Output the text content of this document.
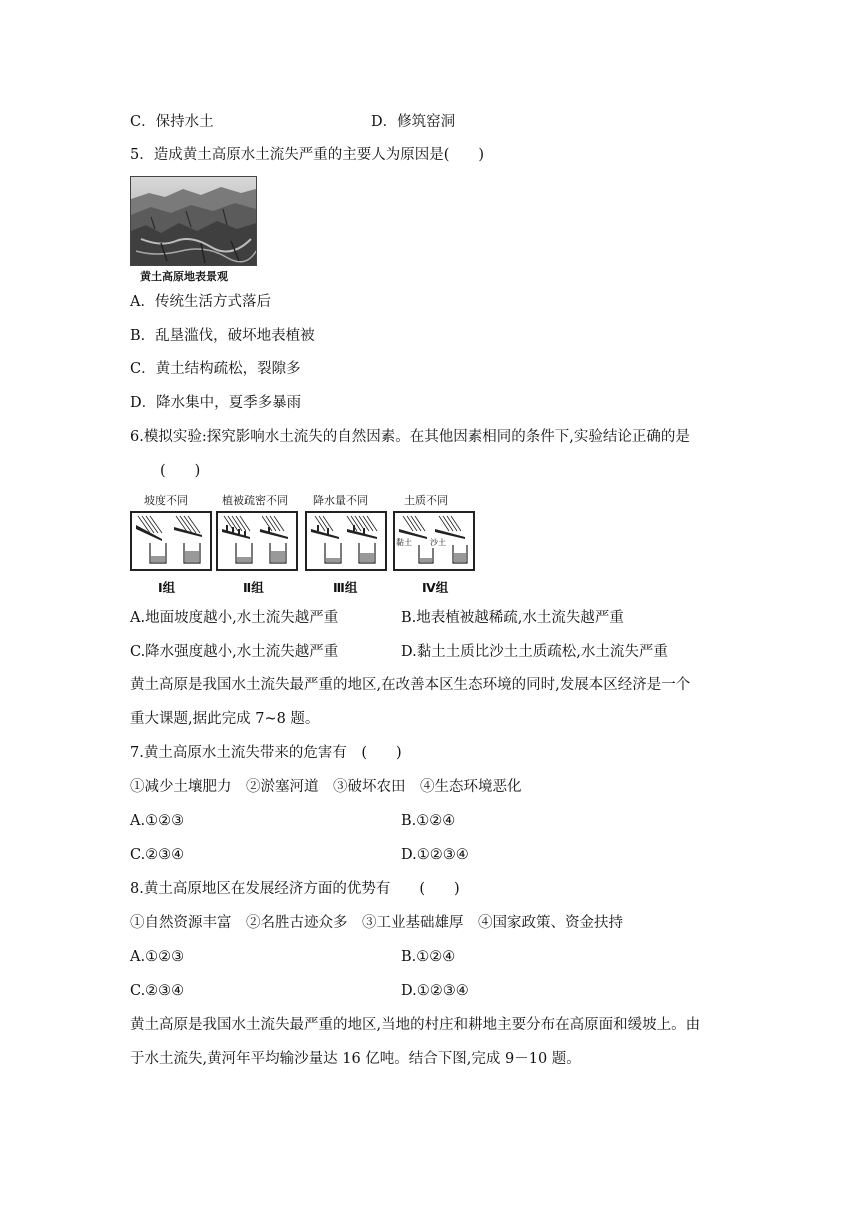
C．保持水土	D．修筑窑洞
5．造成黄土高原水土流失严重的主要人为原因是(　　)
黄土高原地表景观
A．传统生活方式落后
B．乱垦滥伐，破坏地表植被
C．黄土结构疏松，裂隙多
D．降水集中，夏季多暴雨
6.模拟实验:探究影响水土流失的自然因素。在其他因素相同的条件下,实验结论正确的是
(　　)
坡度不同
Ⅰ组
植被疏密不同
Ⅱ组
降水量不同
Ⅲ组
土质不同
黏土 沙土
Ⅳ组
A.地面坡度越小,水土流失越严重	B.地表植被越稀疏,水土流失越严重
C.降水强度越小,水土流失越严重	D.黏土土质比沙土土质疏松,水土流失严重
黄土高原是我国水土流失最严重的地区,在改善本区生态环境的同时,发展本区经济是一个
重大课题,据此完成 7~8 题。
7.黄土高原水土流失带来的危害有　(　　)
①减少土壤肥力　②淤塞河道　③破坏农田　④生态环境恶化
A.①②③	B.①②④
C.②③④	D.①②③④
8.黄土高原地区在发展经济方面的优势有　　(　　)
①自然资源丰富　②名胜古迹众多　③工业基础雄厚　④国家政策、资金扶持
A.①②③	B.①②④
C.②③④	D.①②③④
黄土高原是我国水土流失最严重的地区,当地的村庄和耕地主要分布在高原面和缓坡上。由
于水土流失,黄河年平均输沙量达 16 亿吨。结合下图,完成 9－10 题。
